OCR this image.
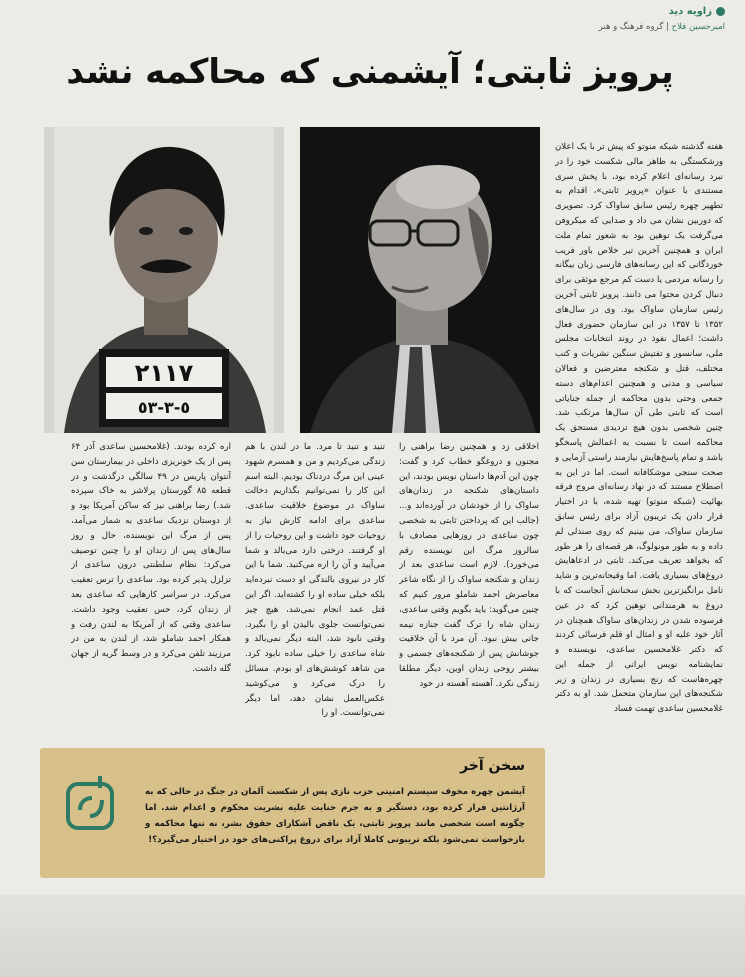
زاویه دید
امیرحسین فلاح | گروه فرهنگ و هنر
پرویز ثابتی؛ آیشمنی که محاکمه نشد
٢١١٧
٥-٣-٥٣
هفته گذشته شبکه منوتو که پیش تر با یک اعلان ورشکستگی به ظاهر مالی شکست خود را در نبرد رسانه‌ای اعلام کرده بود، با پخش سری مستندی با عنوان «پرویز ثابتی»، اقدام به تطهیر چهره رئیس سابق ساواک کرد. تصویری که دوربین نشان می داد و صدایی که میکروفن می‌گرفت یک توهین بود به شعور تمام ملت ایران و همچنین آخرین تیر خلاص باور فریب خوردگانی که این رسانه‌های فارسی زبان بیگانه را رسانه مردمی یا دست کم مرجع موثقی برای دنبال کردن محتوا می دانند. پرویز ثابتی آخرین رئیس سازمان ساواک بود. وی در سال‌های ۱۳۵۲ تا ۱۳۵۷ در این سازمان حضوری فعال داشت؛ اعمال نفوذ در روند انتخابات مجلس ملی، سانسور و تفتیش سنگین نشریات و کتب مختلف، قتل و شکنجه معترضین و فعالان سیاسی و مدنی و همچنین اعدام‌های دسته جمعی وحتی بدون محاکمه از جمله جنایاتی است که ثابتی طی آن سال‌ها مرتکب شد. چنین شخصی بدون هیچ تردیدی مستحق یک محاکمه است تا نسبت به اعمالش پاسخگو باشد و تمام پاسخ‌هایش نیازمند راستی آزمایی و صحت سنجی موشکافانه است. اما در این به اصطلاح مستند که در نهاد رسانه‌ای مروج فرقه بهائیت (شبکه منوتو) تهیه شده، با در اختیار قرار دادن یک تریبون آزاد برای رئیس سابق سازمان ساواک، می بینیم که روی صندلی لم داده و به طور مونولوگ، هر قصه‌ای را هر طور که بخواهد تعریف می‌کند. ثابتی در ادعاهایش دروغ‌های بسیاری یافت. اما وقیحانه‌ترین و شاید تامل برانگیزترین بخش سخنانش آنجاست که با دروغ به هرمندانی توهین کرد که در عین فرسوده شدن در زندان‌های ساواک همچنان در آثار خود علیه او و امثال او قلم فرسائی کردند که دکتر غلامحسین ساعدی، نویسنده و نمایشنامه نویس ایرانی از جمله این چهره‌هاست که رنج بسیاری در زندان و زیر شکنجه‌های این سازمان متحمل شد. او به دکتر غلامحسین ساعدی تهمت فساد
اخلاقی زد و همچنین رضا براهنی را مجنون و دروغگو خطاب کرد و گفت: چون این آدم‌ها داستان نویس بودند، این داستان‌های شکنجه در زندان‌های ساواک را از خودشان در آورده‌اند و... (جالب این که پرداختن ثابتی به شخصی چون ساعدی در روزهایی مصادف با سالروز مرگ این نویسنده رقم می‌خورد). لازم است ساعدی بعد از زندان و شکنجه ساواک را از نگاه شاعر معاصرش احمد شاملو مرور کنیم که چنین می‌گوید: باید بگویم وقتی ساعدی، زندان شاه را ترک گفت جنازه نیمه جانی بیش نبود. آن مرد با آن خلاقیت جوشانش پس از شکنجه‌های جسمی و بیشتر روحی زندان اوین، دیگر مطلقا زندگی نکرد. آهسته آهسته در خود
تنید و تنید تا مرد. ما در لندن با هم زندگی می‌کردیم و من و همسرم شهود عینی این مرگ دردناک بودیم. البته اسم این کار را نمی‌توانیم بگذاریم دخالت ساواک در موضوع خلاقیت ساعدی. ساعدی برای ادامه کارش نیاز به روحیات خود داشت و این روحیات را از او گرفتند. درختی دارد می‌بالد و شما می‌آیید و آن را اره می‌کنید. شما با این کار در نیروی بالندگی او دست نبرده‌اید بلکه خیلی ساده او را کشته‌اید. اگر این قتل عمد انجام نمی‌شد، هیچ چیز نمی‌توانست جلوی بالیدن او را بگیرد. وقتی نابود شد، البته دیگر نمی‌بالد و شاه ساعدی را خیلی ساده نابود کرد. من شاهد کوشش‌های او بودم. مسائل را درک می‌کرد و می‌کوشید عکس‌العمل نشان دهد، اما دیگر نمی‌توانست. او را
اره کرده بودند. (غلامحسین ساعدی آذر ۶۴ پس از یک خونریزی داخلی در بیمارستان سن آنتوان پاریس در ۴۹ سالگی درگذشت و در قطعه ۸۵ گورستان پرلاشز به خاک سپرده شد.) رضا براهنی نیز که ساکن آمریکا بود و از دوستان نزدیک ساعدی به شمار می‌آمد، پس از مرگ این نویسنده، حال و روز سال‌های پس از زندان او را چنین توصیف می‌کرد: نظام سلطنتی درون ساعدی از تزلزل پذیر کرده بود. ساعدی را ترس تعقیب می‌کرد. در سراسر کارهایی که ساعدی بعد از زندان کرد، حس تعقیب وجود داشت. ساعدی وقتی که از آمریکا به لندن رفت و همکار احمد شاملو شد، از لندن به من در مرزیند تلفن می‌کرد و در وسط گریه از جهان گله داشت.
سخن آخر
آیشمن چهره مخوف سیستم امنیتی حزب نازی پس از شکست آلمان در جنگ در حالی که به آرژانتین فرار کرده بود، دستگیر و به جرم جنایت علیه بشریت محکوم و اعدام شد. اما چگونه است شخصی مانند پرویز ثابتی، یک ناقض آشکارای حقوق بشر، نه تنها محاکمه و بازخواست نمی‌شود بلکه تریبونی کاملا آزاد برای دروغ پراکنی‌های خود در اختیار می‌گیرد؟!
